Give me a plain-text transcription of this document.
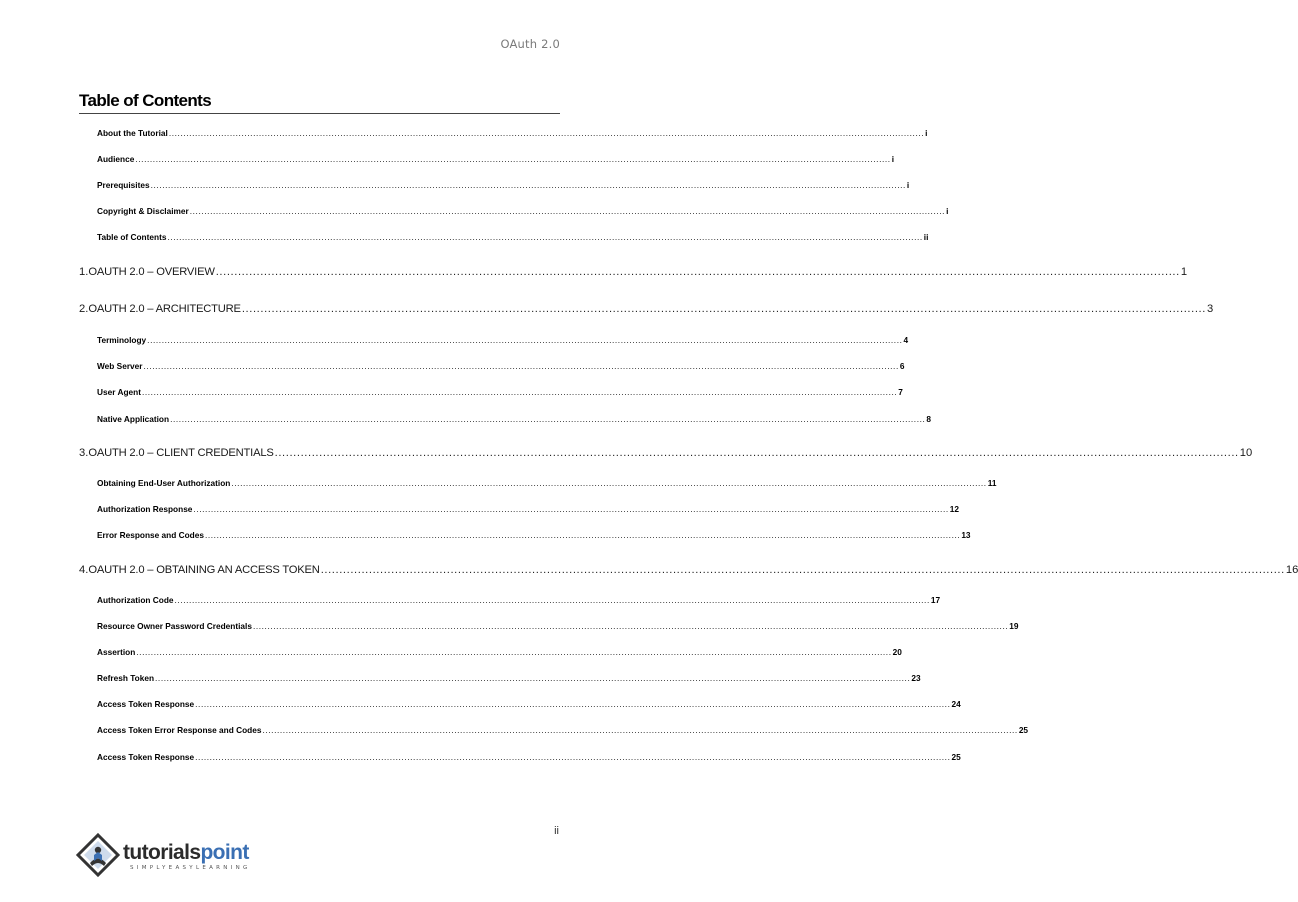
OAuth 2.0
Table of Contents
About the Tutorial .................................................................................................................................................................................................................................................................... i
Audience .................................................................................................................................................................................................................................................................... i
Prerequisites .................................................................................................................................................................................................................................................................... i
Copyright & Disclaimer .................................................................................................................................................................................................................................................................... i
Table of Contents .................................................................................................................................................................................................................................................................... ii
1. OAUTH 2.0 – OVERVIEW .................................................................................................................................................................................................................................................................... 1
2. OAUTH 2.0 – ARCHITECTURE .................................................................................................................................................................................................................................................................... 3
Terminology .................................................................................................................................................................................................................................................................... 4
Web Server .................................................................................................................................................................................................................................................................... 6
User Agent .................................................................................................................................................................................................................................................................... 7
Native Application .................................................................................................................................................................................................................................................................... 8
3. OAUTH 2.0 – CLIENT CREDENTIALS .................................................................................................................................................................................................................................................................... 10
Obtaining End-User Authorization .................................................................................................................................................................................................................................................................... 11
Authorization Response .................................................................................................................................................................................................................................................................... 12
Error Response and Codes .................................................................................................................................................................................................................................................................... 13
4. OAUTH 2.0 – OBTAINING AN ACCESS TOKEN .................................................................................................................................................................................................................................................................... 16
Authorization Code .................................................................................................................................................................................................................................................................... 17
Resource Owner Password Credentials .................................................................................................................................................................................................................................................................... 19
Assertion .................................................................................................................................................................................................................................................................... 20
Refresh Token .................................................................................................................................................................................................................................................................... 23
Access Token Response .................................................................................................................................................................................................................................................................... 24
Access Token Error Response and Codes .................................................................................................................................................................................................................................................................... 25
Access Token Response .................................................................................................................................................................................................................................................................... 25
ii
tutorialspoint
SIMPLYEASYLEARNING
